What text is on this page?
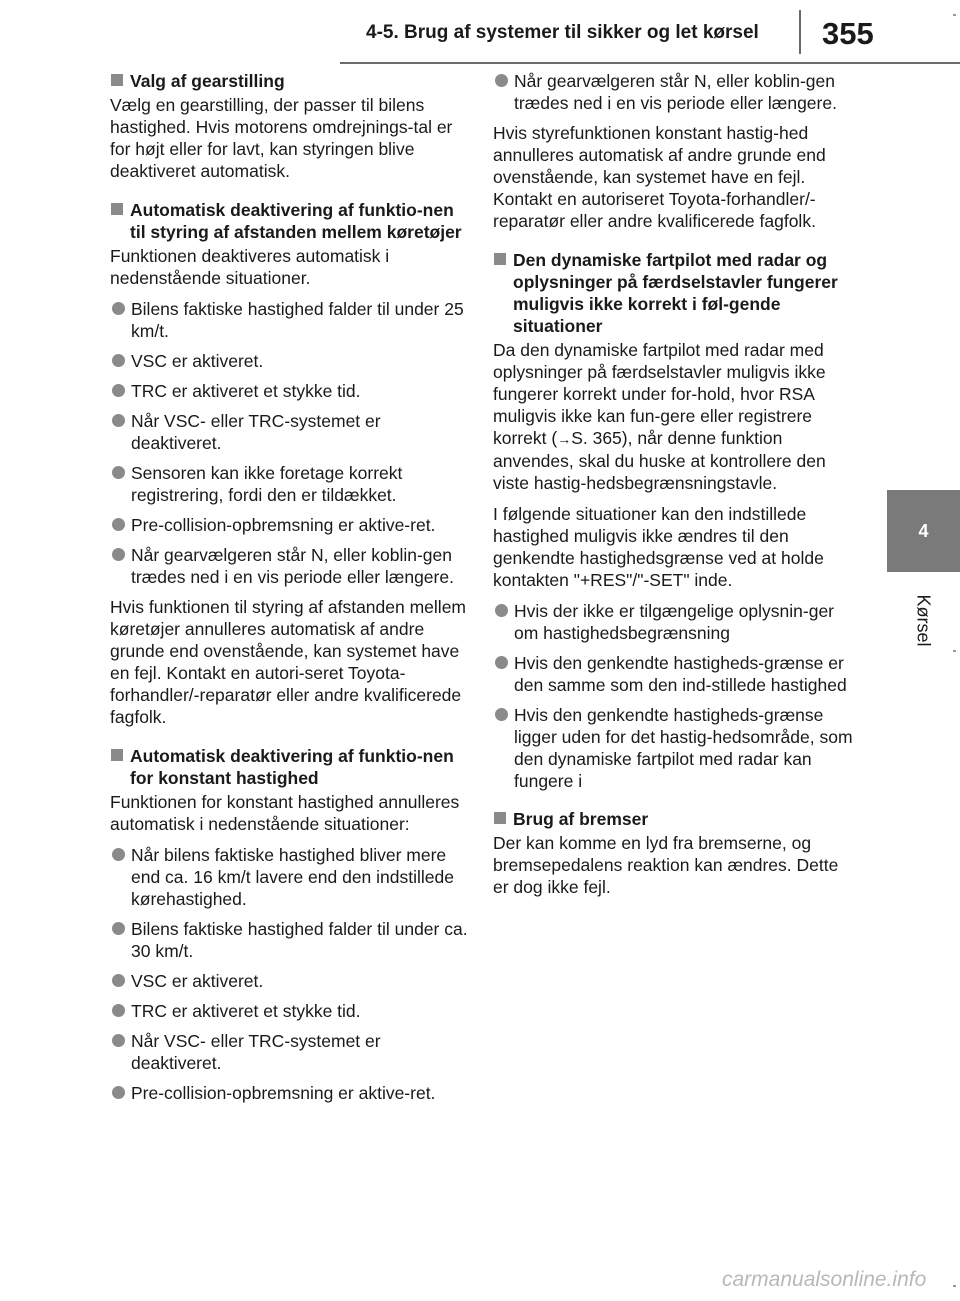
4-5. Brug af systemer til sikker og let kørsel 355
4
Kørsel
Valg af gearstilling

Vælg en gearstilling, der passer til bilens hastighed. Hvis motorens omdrejnings-tal er for højt eller for lavt, kan styringen blive deaktiveret automatisk.

Automatisk deaktivering af funktio-nen til styring af afstanden mellem køretøjer

Funktionen deaktiveres automatisk i nedenstående situationer.

Bilens faktiske hastighed falder til under 25 km/t.
VSC er aktiveret.
TRC er aktiveret et stykke tid.
Når VSC- eller TRC-systemet er deaktiveret.
Sensoren kan ikke foretage korrekt registrering, fordi den er tildækket.
Pre-collision-opbremsning er aktive-ret.
Når gearvælgeren står N, eller koblin-gen trædes ned i en vis periode eller længere.

Hvis funktionen til styring af afstanden mellem køretøjer annulleres automatisk af andre grunde end ovenstående, kan systemet have en fejl. Kontakt en autori-seret Toyota-forhandler/-reparatør eller andre kvalificerede fagfolk.

Automatisk deaktivering af funktio-nen for konstant hastighed

Funktionen for konstant hastighed annulleres automatisk i nedenstående situationer:

Når bilens faktiske hastighed bliver mere end ca. 16 km/t lavere end den indstillede kørehastighed.
Bilens faktiske hastighed falder til under ca. 30 km/t.
VSC er aktiveret.
TRC er aktiveret et stykke tid.
Når VSC- eller TRC-systemet er deaktiveret.
Pre-collision-opbremsning er aktive-ret.
Når gearvælgeren står N, eller koblin-gen trædes ned i en vis periode eller længere.

Hvis styrefunktionen konstant hastig-hed annulleres automatisk af andre grunde end ovenstående, kan systemet have en fejl. Kontakt en autoriseret Toyota-forhandler/-reparatør eller andre kvalificerede fagfolk.

Den dynamiske fartpilot med radar og oplysninger på færdselstavler fungerer muligvis ikke korrekt i føl-gende situationer

Da den dynamiske fartpilot med radar med oplysninger på færdselstavler muligvis ikke fungerer korrekt under for-hold, hvor RSA muligvis ikke kan fun-gere eller registrere korrekt (→S. 365), når denne funktion anvendes, skal du huske at kontrollere den viste hastig-hedsbegrænsningstavle.

I følgende situationer kan den indstillede hastighed muligvis ikke ændres til den genkendte hastighedsgrænse ved at holde kontakten "+RES"/"-SET" inde.

Hvis der ikke er tilgængelige oplysnin-ger om hastighedsbegrænsning
Hvis den genkendte hastigheds-grænse er den samme som den ind-stillede hastighed
Hvis den genkendte hastigheds-grænse ligger uden for det hastig-hedsområde, som den dynamiske fartpilot med radar kan fungere i
Brug af bremser

Der kan komme en lyd fra bremserne, og bremsepedalens reaktion kan ændres. Dette er dog ikke fejl.

carmanualsonline.info
